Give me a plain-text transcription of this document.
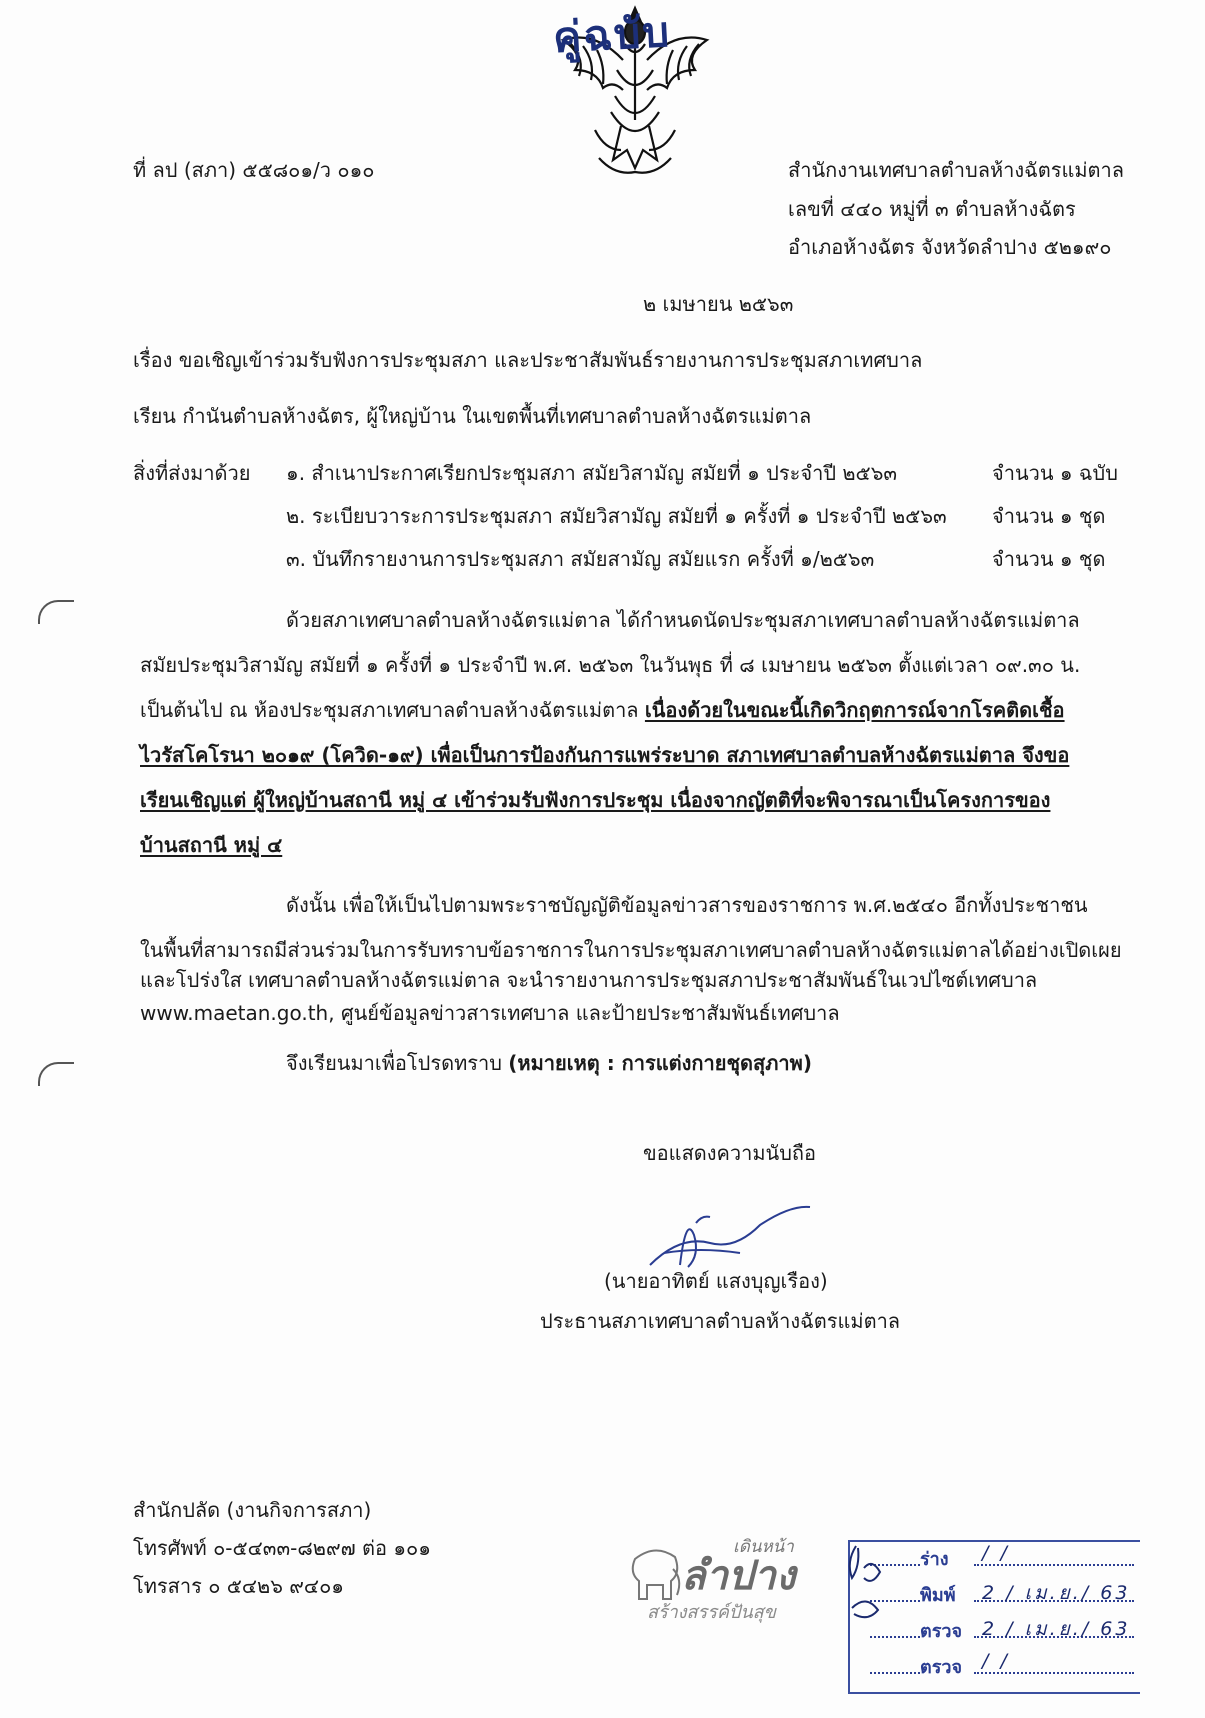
คู่ฉบับ
ที่ ลป (สภา) ๕๕๘๐๑/ว ๐๑๐	สำนักงานเทศบาลตำบลห้างฉัตรแม่ตาล
เลขที่ ๔๔๐ หมู่ที่ ๓ ตำบลห้างฉัตร
อำเภอห้างฉัตร จังหวัดลำปาง ๕๒๑๙๐
๒ เมษายน ๒๕๖๓
เรื่อง ขอเชิญเข้าร่วมรับฟังการประชุมสภา และประชาสัมพันธ์รายงานการประชุมสภาเทศบาล
เรียน กำนันตำบลห้างฉัตร, ผู้ใหญ่บ้าน ในเขตพื้นที่เทศบาลตำบลห้างฉัตรแม่ตาล
สิ่งที่ส่งมาด้วย ๑. สำเนาประกาศเรียกประชุมสภา สมัยวิสามัญ สมัยที่ ๑ ประจำปี ๒๕๖๓	จำนวน ๑ ฉบับ
๒. ระเบียบวาระการประชุมสภา สมัยวิสามัญ สมัยที่ ๑ ครั้งที่ ๑ ประจำปี ๒๕๖๓ จำนวน ๑ ชุด
๓. บันทึกรายงานการประชุมสภา สมัยสามัญ สมัยแรก ครั้งที่ ๑/๒๕๖๓	จำนวน ๑ ชุด
ด้วยสภาเทศบาลตำบลห้างฉัตรแม่ตาล ได้กำหนดนัดประชุมสภาเทศบาลตำบลห้างฉัตรแม่ตาล
สมัยประชุมวิสามัญ สมัยที่ ๑ ครั้งที่ ๑ ประจำปี พ.ศ. ๒๕๖๓ ในวันพุธ ที่ ๘ เมษายน ๒๕๖๓ ตั้งแต่เวลา ๐๙.๓๐ น.
เป็นต้นไป ณ ห้องประชุมสภาเทศบาลตำบลห้างฉัตรแม่ตาล เนื่องด้วยในขณะนี้เกิดวิกฤตการณ์จากโรคติดเชื้อ
ไวรัสโคโรนา ๒๐๑๙ (โควิด-๑๙) เพื่อเป็นการป้องกันการแพร่ระบาด สภาเทศบาลตำบลห้างฉัตรแม่ตาล จึงขอ
เรียนเชิญแต่ ผู้ใหญ่บ้านสถานี หมู่ ๔ เข้าร่วมรับฟังการประชุม เนื่องจากญัตติที่จะพิจารณาเป็นโครงการของ
บ้านสถานี หมู่ ๔
ดังนั้น เพื่อให้เป็นไปตามพระราชบัญญัติข้อมูลข่าวสารของราชการ พ.ศ.๒๕๔๐ อีกทั้งประชาชน
ในพื้นที่สามารถมีส่วนร่วมในการรับทราบข้อราชการในการประชุมสภาเทศบาลตำบลห้างฉัตรแม่ตาลได้อย่างเปิดเผย
และโปร่งใส เทศบาลตำบลห้างฉัตรแม่ตาล จะนำรายงานการประชุมสภาประชาสัมพันธ์ในเวปไซต์เทศบาล
www.maetan.go.th, ศูนย์ข้อมูลข่าวสารเทศบาล และป้ายประชาสัมพันธ์เทศบาล
จึงเรียนมาเพื่อโปรดทราบ (หมายเหตุ : การแต่งกายชุดสุภาพ)
ขอแสดงความนับถือ
(นายอาทิตย์ แสงบุญเรือง)
ประธานสภาเทศบาลตำบลห้างฉัตรแม่ตาล
สำนักปลัด (งานกิจการสภา)
โทรศัพท์ ๐-๕๔๓๓-๘๒๙๗ ต่อ ๑๐๑
โทรสาร ๐ ๕๔๒๖ ๙๔๐๑
เดินหน้า
ลำปาง
สร้างสรรค์ปันสุข
ร่าง / /
พิมพ์ 2 / เม.ย./ 63
ตรวจ 2 / เม.ย./ 63
ตรวจ / /
